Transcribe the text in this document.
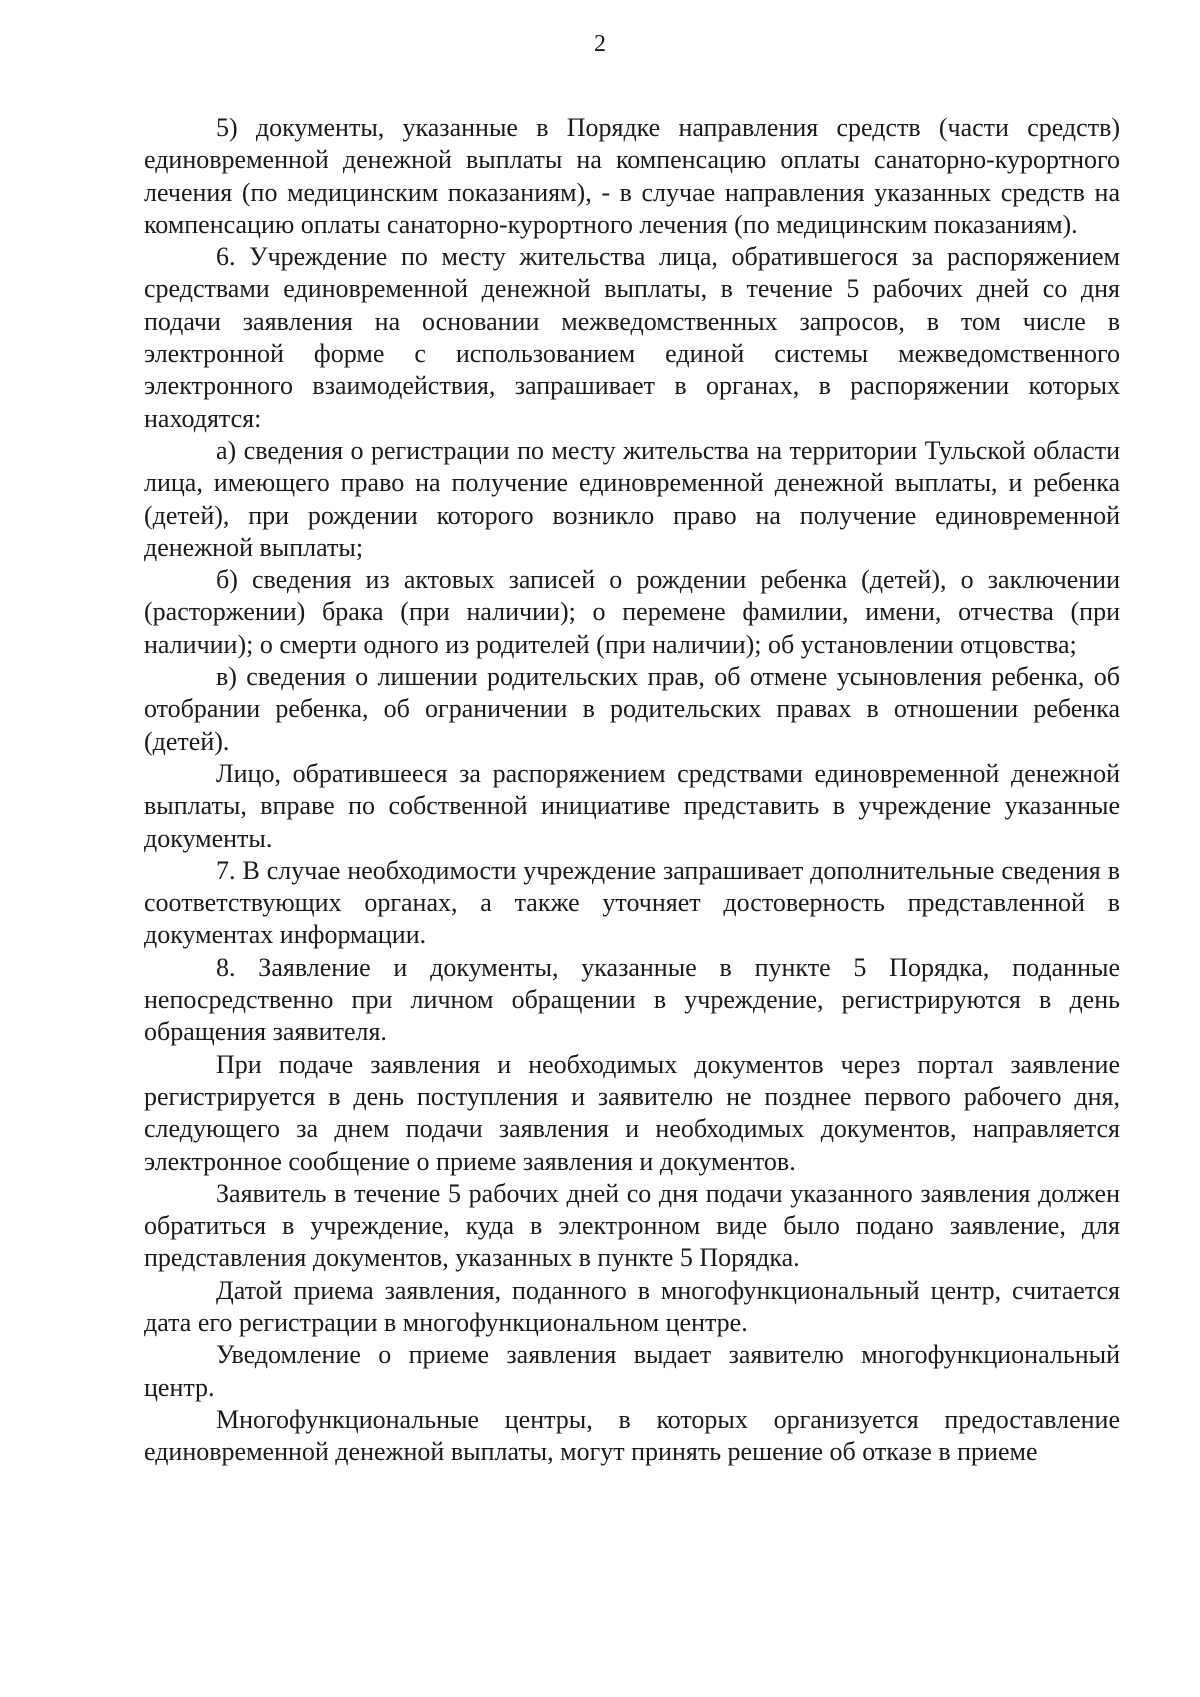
2

5) документы, указанные в Порядке направления средств (части средств) единовременной денежной выплаты на компенсацию оплаты санаторно-курортного лечения (по медицинским показаниям), - в случае направления указанных средств на компенсацию оплаты санаторно-курортного лечения (по медицинским показаниям).

6. Учреждение по месту жительства лица, обратившегося за распоряжением средствами единовременной денежной выплаты, в течение 5 рабочих дней со дня подачи заявления на основании межведомственных запросов, в том числе в электронной форме с использованием единой системы межведомственного электронного взаимодействия, запрашивает в органах, в распоряжении которых находятся:

а) сведения о регистрации по месту жительства на территории Тульской области лица, имеющего право на получение единовременной денежной выплаты, и ребенка (детей), при рождении которого возникло право на получение единовременной денежной выплаты;

б) сведения из актовых записей о рождении ребенка (детей), о заключении (расторжении) брака (при наличии); о перемене фамилии, имени, отчества (при наличии); о смерти одного из родителей (при наличии); об установлении отцовства;

в) сведения о лишении родительских прав, об отмене усыновления ребенка, об отобрании ребенка, об ограничении в родительских правах в отношении ребенка (детей).

Лицо, обратившееся за распоряжением средствами единовременной денежной выплаты, вправе по собственной инициативе представить в учреждение указанные документы.

7. В случае необходимости учреждение запрашивает дополнительные сведения в соответствующих органах, а также уточняет достоверность представленной в документах информации.

8. Заявление и документы, указанные в пункте 5 Порядка, поданные непосредственно при личном обращении в учреждение, регистрируются в день обращения заявителя.

При подаче заявления и необходимых документов через портал заявление регистрируется в день поступления и заявителю не позднее первого рабочего дня, следующего за днем подачи заявления и необходимых документов, направляется электронное сообщение о приеме заявления и документов.

Заявитель в течение 5 рабочих дней со дня подачи указанного заявления должен обратиться в учреждение, куда в электронном виде было подано заявление, для представления документов, указанных в пункте 5 Порядка.

Датой приема заявления, поданного в многофункциональный центр, считается дата его регистрации в многофункциональном центре.

Уведомление о приеме заявления выдает заявителю многофункциональный центр.

Многофункциональные центры, в которых организуется предоставление единовременной денежной выплаты, могут принять решение об отказе в приеме
